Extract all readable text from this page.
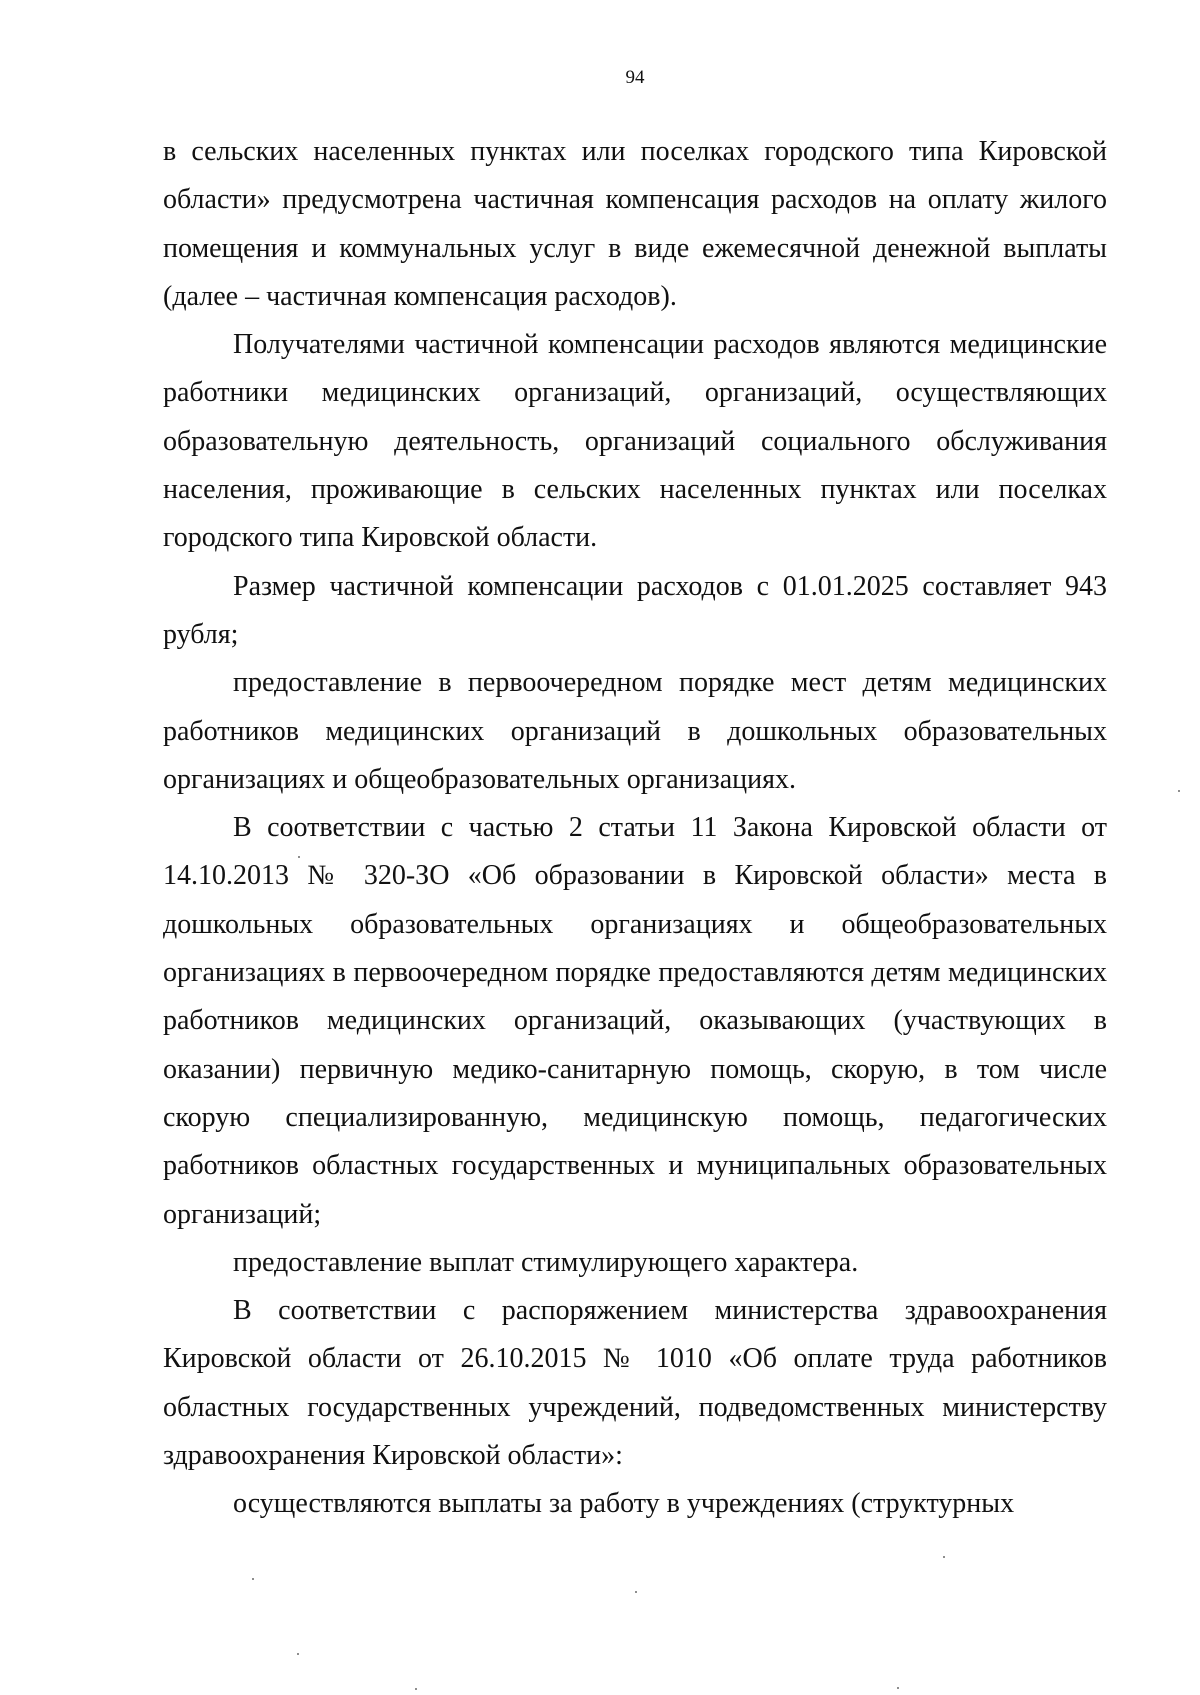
94

в сельских населенных пунктах или поселках городского типа Кировской области» предусмотрена частичная компенсация расходов на оплату жилого помещения и коммунальных услуг в виде ежемесячной денежной выплаты (далее – частичная компенсация расходов).

Получателями частичной компенсации расходов являются медицинские работники медицинских организаций, организаций, осуществляющих образовательную деятельность, организаций социального обслуживания населения, проживающие в сельских населенных пунктах или поселках городского типа Кировской области.

Размер частичной компенсации расходов с 01.01.2025 составляет 943 рубля;

предоставление в первоочередном порядке мест детям медицинских работников медицинских организаций в дошкольных образовательных организациях и общеобразовательных организациях.

В соответствии с частью 2 статьи 11 Закона Кировской области от 14.10.2013 № 320-ЗО «Об образовании в Кировской области» места в дошкольных образовательных организациях и общеобразовательных организациях в первоочередном порядке предоставляются детям медицинских работников медицинских организаций, оказывающих (участвующих в оказании) первичную медико-санитарную помощь, скорую, в том числе скорую специализированную, медицинскую помощь, педагогических работников областных государственных и муниципальных образовательных организаций;

предоставление выплат стимулирующего характера.

В соответствии с распоряжением министерства здравоохранения Кировской области от 26.10.2015 № 1010 «Об оплате труда работников областных государственных учреждений, подведомственных министерству здравоохранения Кировской области»:

осуществляются выплаты за работу в учреждениях (структурных
